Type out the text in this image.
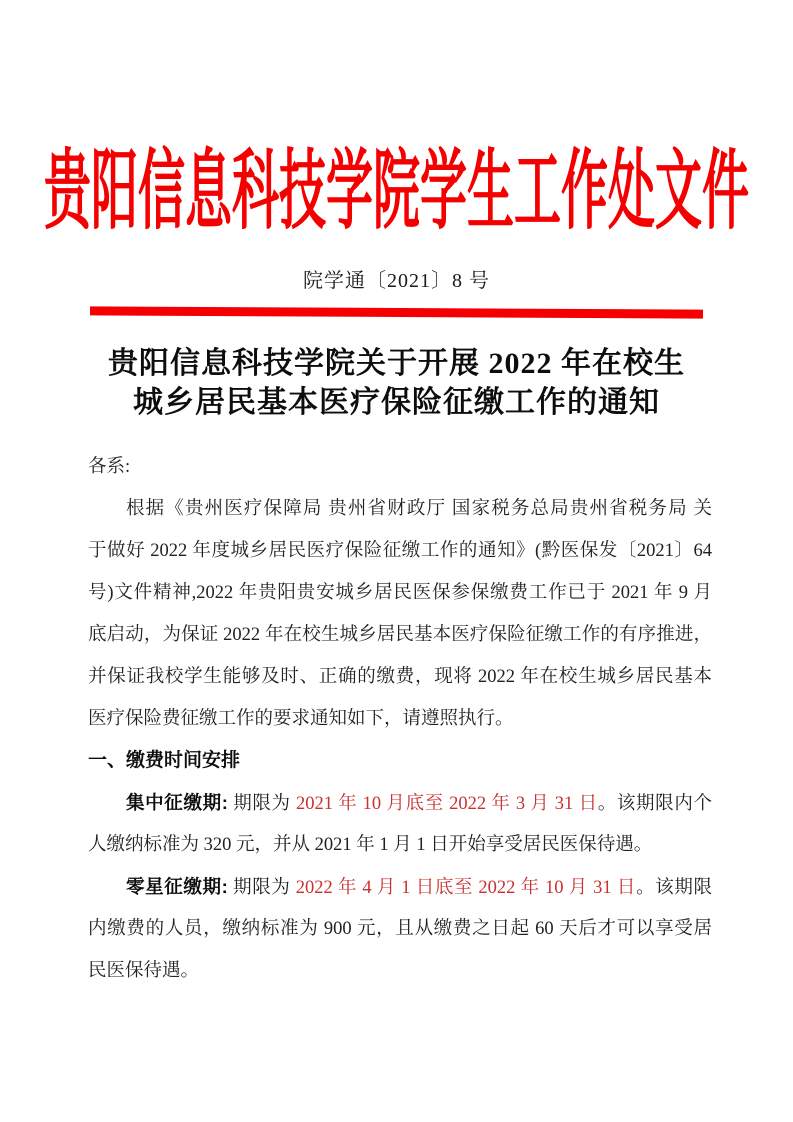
贵阳信息科技学院学生工作处文件
院学通〔2021〕8 号
贵阳信息科技学院关于开展 2022 年在校生
城乡居民基本医疗保险征缴工作的通知
各系:
根据《贵州医疗保障局 贵州省财政厅 国家税务总局贵州省税务局 关
于做好 2022 年度城乡居民医疗保险征缴工作的通知》(黔医保发〔2021〕64
号)文件精神,2022 年贵阳贵安城乡居民医保参保缴费工作已于 2021 年 9 月
底启动，为保证 2022 年在校生城乡居民基本医疗保险征缴工作的有序推进，
并保证我校学生能够及时、正确的缴费，现将 2022 年在校生城乡居民基本
医疗保险费征缴工作的要求通知如下，请遵照执行。
一、缴费时间安排
集中征缴期: 期限为 2021 年 10 月底至 2022 年 3 月 31 日。该期限内个
人缴纳标准为 320 元，并从 2021 年 1 月 1 日开始享受居民医保待遇。
零星征缴期: 期限为 2022 年 4 月 1 日底至 2022 年 10 月 31 日。该期限
内缴费的人员，缴纳标准为 900 元，且从缴费之日起 60 天后才可以享受居
民医保待遇。
